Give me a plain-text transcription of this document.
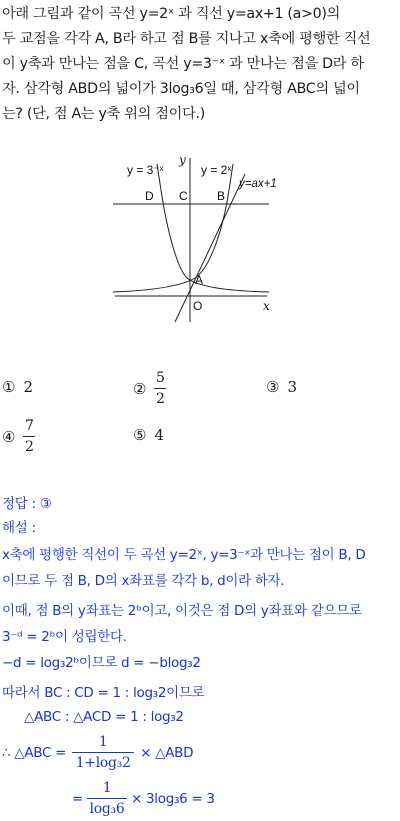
아래 그림과 같이 곡선 y=2ˣ 과 직선 y=ax+1 (a>0)의

두 교점을 각각 A, B라 하고 점 B를 지나고 x축에 평행한 직선

이 y축과 만나는 점을 C, 곡선 y=3⁻ˣ 과 만나는 점을 D라 하

자. 삼각형 ABD의 넓이가 3log₃6일 때, 삼각형 ABC의 넓이

는? (단, 점 A는 y축 위의 점이다.)

y = 3⁻ˣ	y = 2ˣ
y=ax+1
y
x
O
D C B
A
① 2	② $\frac{5}{2}$	③ 3
④ $\frac{7}{2}$	⑤ 4
정답 : ③
해설 :
x축에 평행한 직선이 두 곡선 y=2ˣ, y=3⁻ˣ과 만나는 점이 B, D
이므로 두 점 B, D의 x좌표를 각각 b, d이라 하자.
이때, 점 B의 y좌표는 2ᵇ이고, 이것은 점 D의 y좌표와 같으므로
3⁻ᵈ = 2ᵇ이 성립한다.
−d = log₃2ᵇ이므로 d = −blog₃2
따라서 BC : CD = 1 : log₃2이므로
△ABC : △ACD = 1 : log₃2
∴ △ABC = $\frac{1}{\text{1+log₃2}}$ × △ABD
= $\frac{1}{\text{log₃6}} \times 3\log_36 = 3$
